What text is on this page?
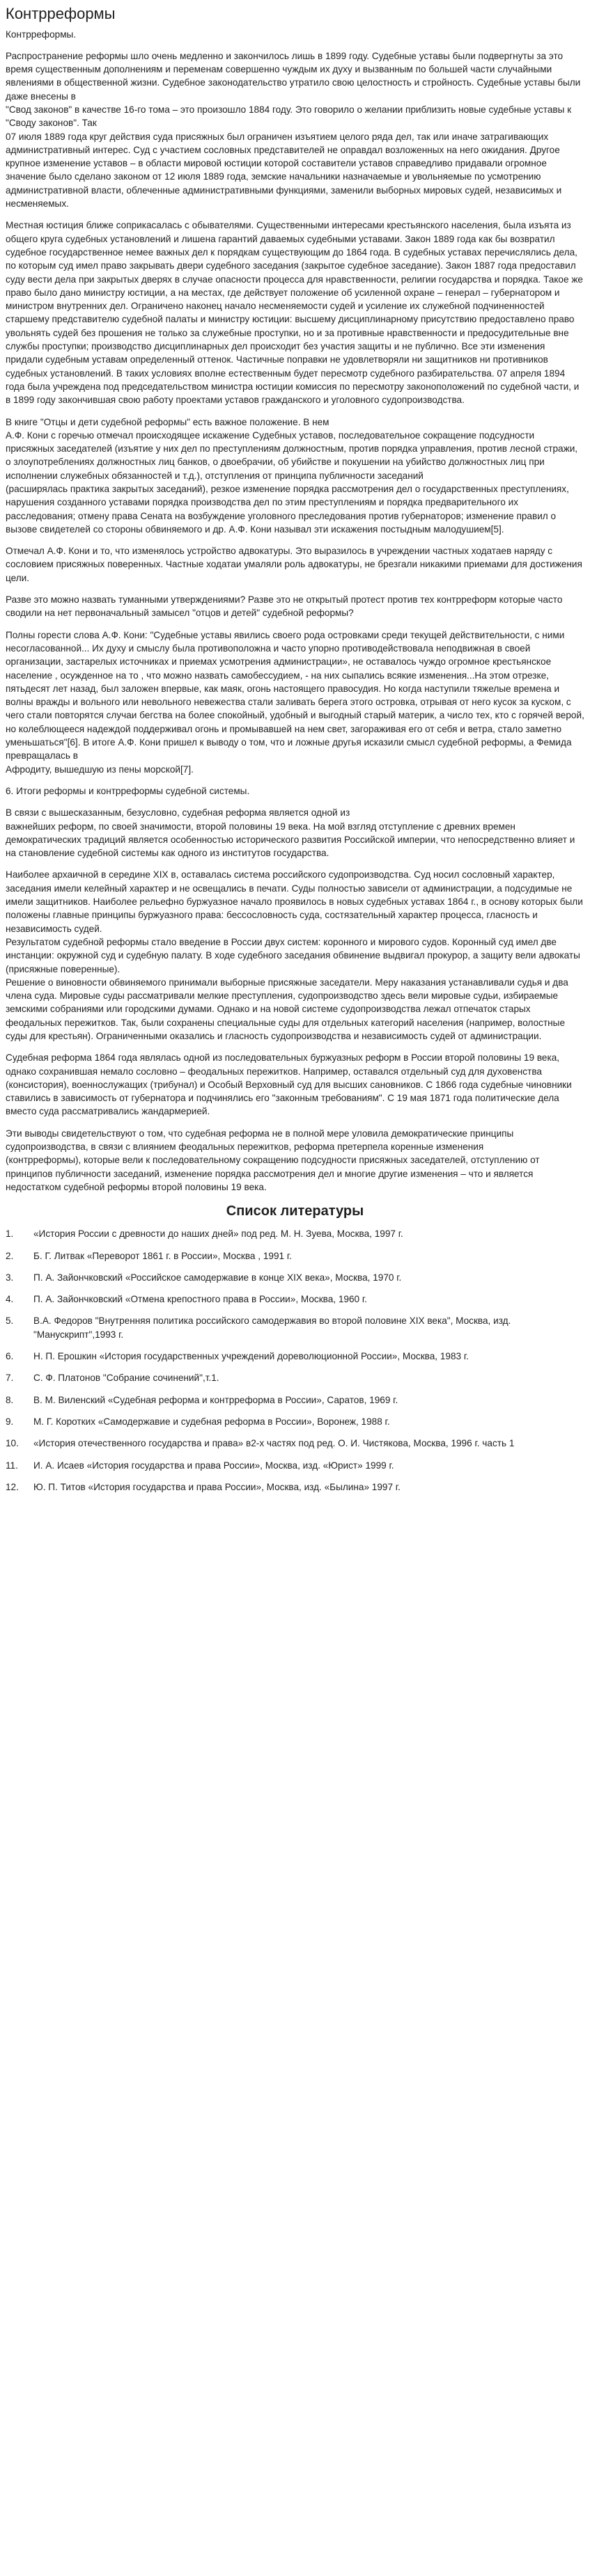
Контрреформы

Контрреформы.

Распространение реформы шло очень медленно и закончилось лишь в 1899 году. Судебные уставы были подвергнуты за это время существенным дополнениям и переменам совершенно чуждым их духу и вызванным по большей части случайными явлениями в общественной жизни. Судебное законодательство утратило свою целостность и стройность. Судебные уставы были даже внесены в

"Свод законов" в качестве 16-го тома – это произошло 1884 году. Это говорило о желании приблизить новые судебные уставы к "Своду законов". Так

07 июля 1889 года круг действия суда присяжных был ограничен изъятием целого ряда дел, так или иначе затрагивающих административный интерес. Суд с участием сословных представителей не оправдал возложенных на него ожидания. Другое крупное изменение уставов – в области мировой юстиции которой составители уставов справедливо придавали огромное значение было сделано законом от 12 июля 1889 года, земские начальники назначаемые и увольняемые по усмотрению административной власти, облеченные административными функциями, заменили выборных мировых судей, независимых и несменяемых.

Местная юстиция ближе соприкасалась с обывателями. Существенными интересами крестьянского населения, была изъята из общего круга судебных установлений и лишена гарантий даваемых судебными уставами. Закон 1889 года как бы возвратил судебное государственное немее важных дел к порядкам существующим до 1864 года. В судебных уставах перечислялись дела, по которым суд имел право закрывать двери судебного заседания (закрытое судебное заседание). Закон 1887 года предоставил суду вести дела при закрытых дверях в случае опасности процесса для нравственности, религии государства и порядка. Такое же право было дано министру юстиции, а на местах, где действует положение об усиленной охране – генерал – губернатором и министром внутренних дел. Ограничено наконец начало несменяемости судей и усиление их служебной подчиненностей старшему представителю судебной палаты и министру юстиции: высшему дисциплинарному присутствию предоставлено право увольнять судей без прошения не только за служебные проступки, но и за противные нравственности и предосудительные вне службы проступки; производство дисциплинарных дел происходит без участия защиты и не публично. Все эти изменения придали судебным уставам определенный оттенок. Частичные поправки не удовлетворяли ни защитников ни противников судебных установлений. В таких условиях вполне естественным будет пересмотр судебного разбирательства. 07 апреля 1894 года была учреждена под председательством министра юстиции комиссия по пересмотру законоположений по судебной части, и в 1899 году закончившая свою работу проектами уставов гражданского и уголовного судопроизводства.

В книге "Отцы и дети судебной реформы" есть важное положение. В нем

А.Ф. Кони с горечью отмечал происходящее искажение Судебных уставов, последовательное сокращение подсудности присяжных заседателей (изъятие у них дел по преступлениям должностным, против порядка управления, против лесной стражи, о злоупотреблениях должностных лиц банков, о двоебрачии, об убийстве и покушении на убийство должностных лиц при исполнении служебных обязанностей и т.д.), отступления от принципа публичности заседаний

(расширялась практика закрытых заседаний), резкое изменение порядка рассмотрения дел о государственных преступлениях, нарушения созданного уставами порядка производства дел по этим преступлениям и порядка предварительного их расследования; отмену права Сената на возбуждение уголовного преследования против губернаторов; изменение правил о вызове свидетелей со стороны обвиняемого и др. А.Ф. Кони называл эти искажения постыдным малодушием[5].

Отмечал А.Ф. Кони и то, что изменялось устройство адвокатуры. Это выразилось в учреждении частных ходатаев наряду с сословием присяжных поверенных. Частные ходатаи умаляли роль адвокатуры, не брезгали никакими приемами для достижения цели.

Разве это можно назвать туманными утверждениями? Разве это не открытый протест против тех контрреформ которые часто сводили на нет первоначальный замысел "отцов и детей" судебной реформы?

Полны горести слова А.Ф. Кони: "Судебные уставы явились своего рода островками среди текущей действительности, с ними несогласованной... Их духу и смыслу была противоположна и часто упорно противодействовала неподвижная в своей организации, застарелых источниках и приемах усмотрения администрации», не оставалось чуждо огромное крестьянское население , осужденное на то , что можно назвать самобессудием, - на них сыпались всякие изменения...На этом отрезке, пятьдесят лет назад, был заложен впервые, как маяк, огонь настоящего правосудия. Но когда наступили тяжелые времена и волны вражды и вольного или невольного невежества стали заливать берега этого островка, отрывая от него кусок за куском, с чего стали повторятся случаи бегства на более спокойный, удобный и выгодный старый материк, а число тех, кто с горячей верой, но колеблющееся надеждой поддерживал огонь и промывавшей на нем свет, загораживая его от себя и ветра, стало заметно уменьшаться"[6]. В итоге А.Ф. Кони пришел к выводу о том, что и ложные другья исказили смысл судебной реформы, а Фемида превращалась в

Афродиту, вышедшую из пены морской[7].

6. Итоги реформы и контрреформы судебной системы.

В связи с вышесказанным, безусловно, судебная реформа является одной из

важнейших реформ, по своей значимости, второй половины 19 века. На мой взгляд отступление с древних времен демократических традиций является особенностью исторического развития Российской империи, что непосредственно влияет и на становление судебной системы как одного из институтов государства.

Наиболее архаичной в середине XIX в, оставалась система российского судопроизводства. Суд носил сословный характер, заседания имели келейный характер и не освещались в печати. Суды полностью зависели от администрации, а подсудимые не имели защитников. Наиболее рельефно буржуазное начало проявилось в новых судебных уставах 1864 г., в основу которых были положены главные принципы буржуазного права: бессословность суда, состязательный характер процесса, гласность и независимость судей.

Результатом судебной реформы стало введение в России двух систем: коронного и мирового судов. Коронный суд имел две инстанции: окружной суд и судебную палату. В ходе судебного заседания обвинение выдвигал прокурор, а защиту вели адвокаты (присяжные поверенные).

Решение о виновности обвиняемого принимали выборные присяжные заседатели. Меру наказания устанавливали судья и два члена суда. Мировые суды рассматривали мелкие преступления, судопроизводство здесь вели мировые судьи, избираемые земскими собраниями или городскими думами. Однако и на новой системе судопроизводства лежал отпечаток старых феодальных пережитков. Так, были сохранены специальные суды для отдельных категорий населения (например, волостные суды для крестьян). Ограниченными оказались и гласность судопроизводства и независимость судей от администрации.

Судебная реформа 1864 года являлась одной из последовательных буржуазных реформ в России второй половины 19 века, однако сохранившая немало сословно – феодальных пережитков. Например, оставался отдельный суд для духовенства (консистория), военнослужащих (трибунал) и Особый Верховный суд для высших сановников. С 1866 года судебные чиновники ставились в зависимость от губернатора и подчинялись его "законным требованиям". С 19 мая 1871 года политические дела вместо суда рассматривались жандармерией.

Эти выводы свидетельствуют о том, что судебная реформа не в полной мере уловила демократические принципы судопроизводства, в связи с влиянием феодальных пережитков, реформа претерпела коренные изменения

(контрреформы), которые вели к последовательному сокращению подсудности присяжных заседателей, отступлению от принципов публичности заседаний, изменение порядка рассмотрения дел и многие другие изменения – что и является недостатком судебной реформы второй половины 19 века.

Список литературы
1.	«История России с древности до наших дней» под ред. М. Н. Зуева, Москва, 1997 г.
2.	Б. Г. Литвак «Переворот 1861 г. в России», Москва , 1991 г.
3.	П. А. Зайончковский «Российское самодержавие в конце XIX века», Москва, 1970 г.
4.	П. А. Зайончковский «Отмена крепостного права в России», Москва, 1960 г.
5.	В.А. Федоров "Внутренняя политика российского самодержавия во второй половине XIX века", Москва, изд. "Манускрипт",1993 г.
6.	Н. П. Ерошкин «История государственных учреждений дореволюционной России», Москва, 1983 г.
7.	С. Ф. Платонов "Собрание сочинений",т.1.
8.	В. М. Виленский «Судебная реформа и контрреформа в России», Саратов, 1969 г.
9.	М. Г. Коротких «Самодержавие и судебная реформа в России», Воронеж, 1988 г.
10.	«История отечественного государства и права» в2-х частях под ред. О. И. Чистякова, Москва, 1996 г. часть 1
11.	И. А. Исаев «История государства и права России», Москва, изд. «Юрист» 1999 г.
12.	Ю. П. Титов «История государства и права России», Москва, изд. «Былина» 1997 г.
